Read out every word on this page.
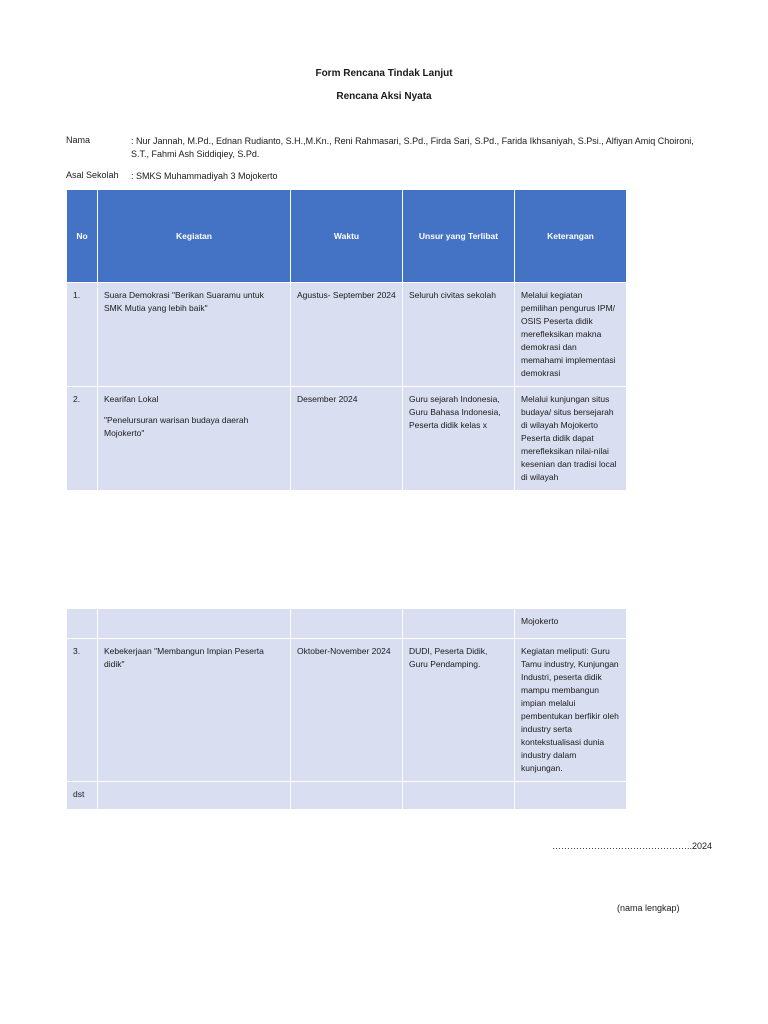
Form Rencana Tindak Lanjut
Rencana Aksi Nyata
Nama	: Nur Jannah, M.Pd., Ednan Rudianto, S.H.,M.Kn., Reni Rahmasari, S.Pd., Firda Sari, S.Pd., Farida Ikhsaniyah, S.Psi., Alfiyan Amiq Choironi, S.T., Fahmi Ash Siddiqiey, S.Pd.
Asal Sekolah : SMKS Muhammadiyah 3 Mojokerto
No	Kegiatan	Waktu	Unsur yang Terlibat	Keterangan
1.	Suara Demokrasi "Berikan Suaramu untuk SMK Mutia yang lebih baik"	Agustus- September 2024	Seluruh civitas sekolah	Melalui kegiatan pemilihan pengurus IPM/ OSIS Peserta didik merefleksikan makna demokrasi dan memahami implementasi demokrasi
2.	Kearifan Lokal
"Penelursuran warisan budaya daerah Mojokerto"	Desember 2024	Guru sejarah Indonesia, Guru Bahasa Indonesia, Peserta didik kelas x	Melalui kunjungan situs budaya/ situs bersejarah di wilayah Mojokerto Peserta didik dapat merefleksikan nilai-nilai kesenian dan tradisi local di wilayah
				Mojokerto
3.	Kebekerjaan "Membangun Impian Peserta didik"	Oktober-November 2024	DUDI, Peserta Didik, Guru Pendamping.	Kegiatan meliputi: Guru Tamu industry, Kunjungan Industri, peserta didik mampu membangun impian melalui pembentukan berfikir oleh industry serta kontekstualisasi dunia industry dalam kunjungan.
dst				
………………………………………..2024
(nama lengkap)
